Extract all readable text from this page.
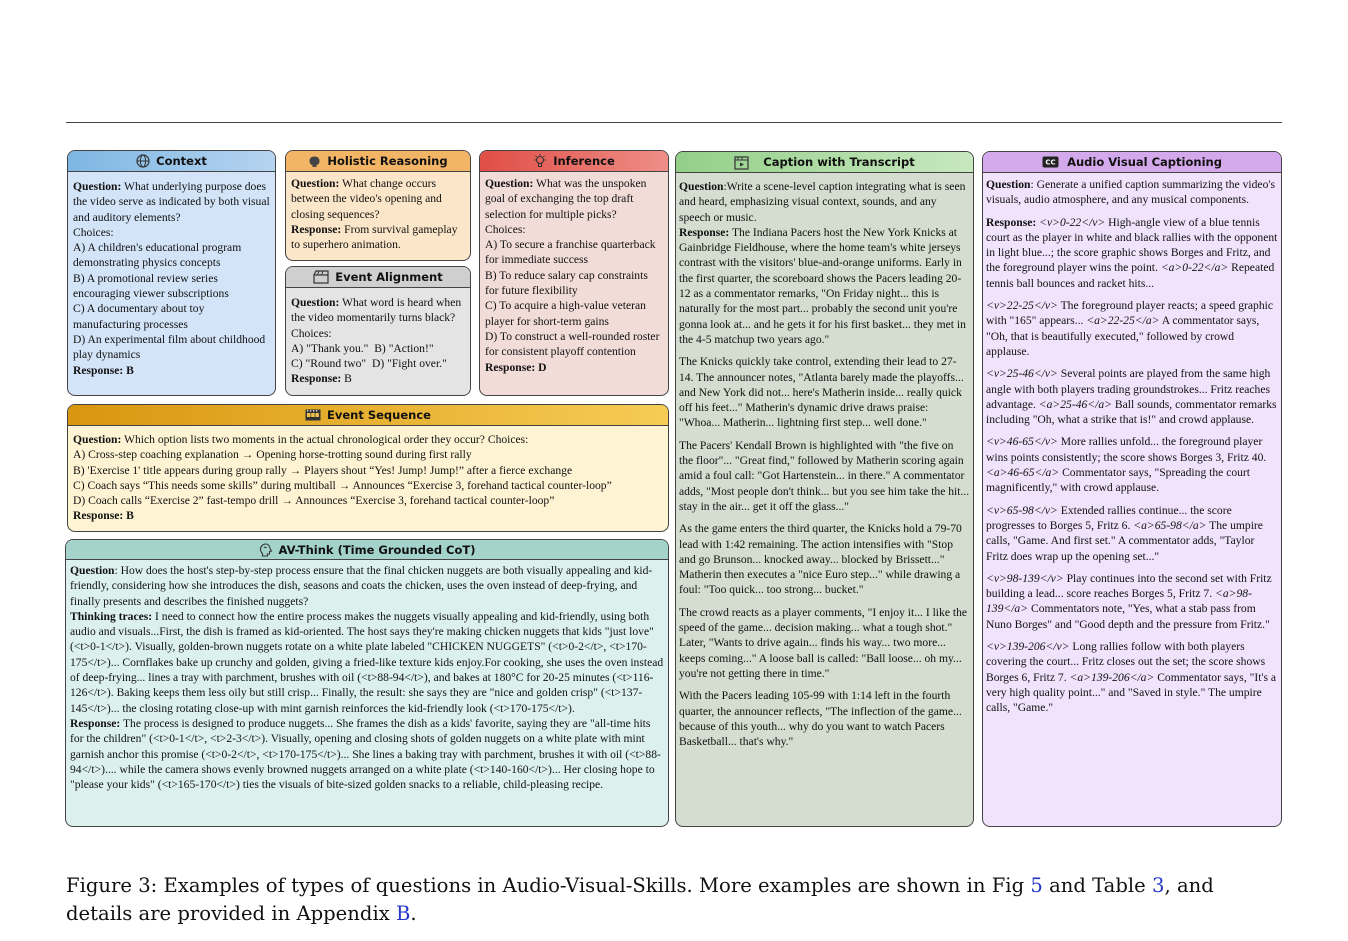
Context

Question: What underlying purpose does the video serve as indicated by both visual and auditory elements?

Choices:

A) A children's educational program demonstrating physics concepts

B) A promotional review series encouraging viewer subscriptions

C) A documentary about toy manufacturing processes

D) An experimental film about childhood play dynamics

Response: B

Holistic Reasoning

Question: What change occurs between the video's opening and closing sequences?

Response: From survival gameplay to superhero animation.

Event Alignment

Question: What word is heard when the video momentarily turns black? Choices:

A) "Thank you."  B) "Action!"

C) "Round two"  D) "Fight over."

Response: B

Inference

Question: What was the unspoken goal of exchanging the top draft selection for multiple picks?

Choices:

A) To secure a franchise quarterback for immediate success

B) To reduce salary cap constraints for future flexibility

C) To acquire a high-value veteran player for short-term gains

D) To construct a well-rounded roster for consistent playoff contention

Response: D

Event Sequence

Question: Which option lists two moments in the actual chronological order they occur? Choices:

A) Cross-step coaching explanation → Opening horse-trotting sound during first rally

B) 'Exercise 1' title appears during group rally → Players shout “Yes! Jump! Jump!” after a fierce exchange

C) Coach says “This needs some skills” during multiball → Announces “Exercise 3, forehand tactical counter-loop”

D) Coach calls “Exercise 2” fast-tempo drill → Announces “Exercise 3, forehand tactical counter-loop”

Response: B

AV-Think (Time Grounded CoT)

Question: How does the host's step-by-step process ensure that the final chicken nuggets are both visually appealing and kid-friendly, considering how she introduces the dish, seasons and coats the chicken, uses the oven instead of deep-frying, and finally presents and describes the finished nuggets?

Thinking traces: I need to connect how the entire process makes the nuggets visually appealing and kid-friendly, using both audio and visuals...First, the dish is framed as kid-oriented. The host says they're making chicken nuggets that kids "just love" (<t>0-1</t>). Visually, golden-brown nuggets rotate on a white plate labeled "CHICKEN NUGGETS" (<t>0-2</t>, <t>170-175</t>)... Cornflakes bake up crunchy and golden, giving a fried-like texture kids enjoy.For cooking, she uses the oven instead of deep-frying... lines a tray with parchment, brushes with oil (<t>88-94</t>), and bakes at 180°C for 20-25 minutes (<t>116-126</t>). Baking keeps them less oily but still crisp... Finally, the result: she says they are "nice and golden crisp" (<t>137-145</t>)... the closing rotating close-up with mint garnish reinforces the kid-friendly look (<t>170-175</t>).

Response: The process is designed to produce nuggets... She frames the dish as a kids' favorite, saying they are "all-time hits for the children" (<t>0-1</t>, <t>2-3</t>). Visually, opening and closing shots of golden nuggets on a white plate with mint garnish anchor this promise (<t>0-2</t>, <t>170-175</t>)... She lines a baking tray with parchment, brushes it with oil (<t>88-94</t>).... while the camera shows evenly browned nuggets arranged on a white plate (<t>140-160</t>)... Her closing hope to "please your kids" (<t>165-170</t>) ties the visuals of bite-sized golden snacks to a reliable, child-pleasing recipe.

Caption with Transcript

Question:Write a scene-level caption integrating what is seen and heard, emphasizing visual context, sounds, and any speech or music.

Response: The Indiana Pacers host the New York Knicks at Gainbridge Fieldhouse, where the home team's white jerseys contrast with the visitors' blue-and-orange uniforms. Early in the first quarter, the scoreboard shows the Pacers leading 20-12 as a commentator remarks, "On Friday night... this is naturally for the most part... probably the second unit you're gonna look at... and he gets it for his first basket... they met in the 4-5 matchup two years ago."

The Knicks quickly take control, extending their lead to 27-14. The announcer notes, "Atlanta barely made the playoffs... and New York did not... here's Matherin inside... really quick off his feet..." Matherin's dynamic drive draws praise: "Whoa... Matherin... lightning first step... well done."

The Pacers' Kendall Brown is highlighted with "the five on the floor"... "Great find," followed by Matherin scoring again amid a foul call: "Got Hartenstein... in there." A commentator adds, "Most people don't think... but you see him take the hit... stay in the air... get it off the glass..."

As the game enters the third quarter, the Knicks hold a 79-70 lead with 1:42 remaining. The action intensifies with "Stop and go Brunson... knocked away... blocked by Brissett..." Matherin then executes a "nice Euro step..." while drawing a foul: "Too quick... too strong... bucket."

The crowd reacts as a player comments, "I enjoy it... I like the speed of the game... decision making... what a tough shot." Later, "Wants to drive again... finds his way... two more... keeps coming..." A loose ball is called: "Ball loose... oh my... you're not getting there in time."

With the Pacers leading 105-99 with 1:14 left in the fourth quarter, the announcer reflects, "The inflection of the game... because of this youth... why do you want to watch Pacers Basketball... that's why."

CC Audio Visual Captioning

Question: Generate a unified caption summarizing the video's visuals, audio atmosphere, and any musical components.

Response: <v>0-22</v> High-angle view of a blue tennis court as the player in white and black rallies with the opponent in light blue...; the score graphic shows Borges and Fritz, and the foreground player wins the point. <a>0-22</a> Repeated tennis ball bounces and racket hits...

<v>22-25</v> The foreground player reacts; a speed graphic with "165" appears... <a>22-25</a> A commentator says, "Oh, that is beautifully executed," followed by crowd applause.

<v>25-46</v> Several points are played from the same high angle with both players trading groundstrokes... Fritz reaches advantage. <a>25-46</a> Ball sounds, commentator remarks including "Oh, what a strike that is!" and crowd applause.

<v>46-65</v> More rallies unfold... the foreground player wins points consistently; the score shows Borges 3, Fritz 40. <a>46-65</a> Commentator says, "Spreading the court magnificently," with crowd applause.

<v>65-98</v> Extended rallies continue... the score progresses to Borges 5, Fritz 6. <a>65-98</a> The umpire calls, "Game. And first set." A commentator adds, "Taylor Fritz does wrap up the opening set..."

<v>98-139</v> Play continues into the second set with Fritz building a lead... score reaches Borges 5, Fritz 7. <a>98-139</a> Commentators note, "Yes, what a stab pass from Nuno Borges" and "Good depth and the pressure from Fritz."

<v>139-206</v> Long rallies follow with both players covering the court... Fritz closes out the set; the score shows Borges 6, Fritz 7. <a>139-206</a> Commentator says, "It's a very high quality point..." and "Saved in style." The umpire calls, "Game."

Figure 3: Examples of types of questions in Audio-Visual-Skills. More examples are shown in Fig 5 and Table 3, and details are provided in Appendix B.
